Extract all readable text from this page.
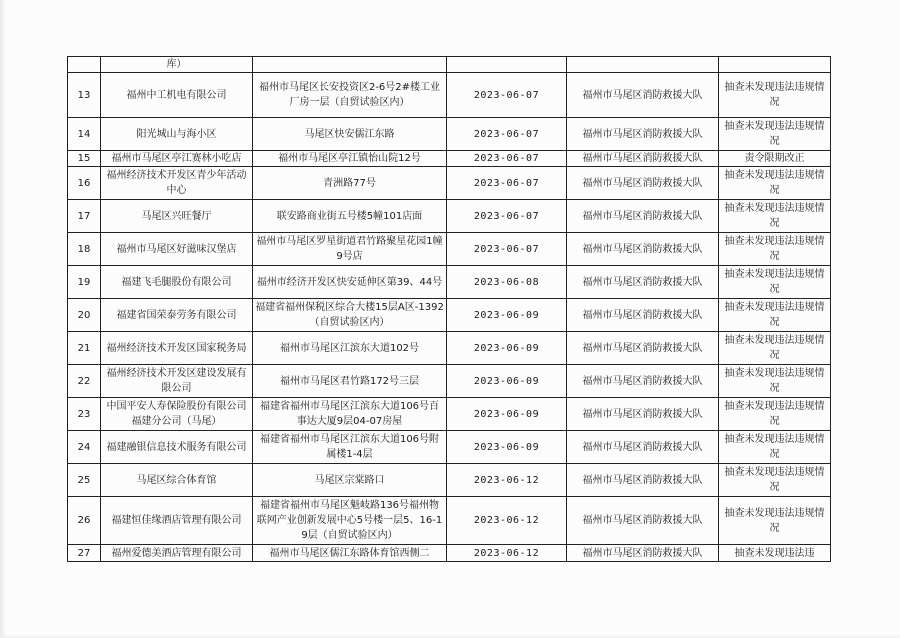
	库）				
13	福州中工机电有限公司	福州市马尾区长安投资区2-6号2#楼工业厂房一层（自贸试验区内）	2023-06-07	福州市马尾区消防救援大队	抽查未发现违法违规情况
14	阳光城山与海小区	马尾区快安儒江东路	2023-06-07	福州市马尾区消防救援大队	抽查未发现违法违规情况
15	福州市马尾区亭江赛林小吃店	福州市马尾区亭江镇怡山院12号	2023-06-07	福州市马尾区消防救援大队	责令限期改正
16	福州经济技术开发区青少年活动中心	青洲路77号	2023-06-07	福州市马尾区消防救援大队	抽查未发现违法违规情况
17	马尾区兴旺餐厅	联安路商业街五号楼5幢101店面	2023-06-07	福州市马尾区消防救援大队	抽查未发现违法违规情况
18	福州市马尾区好滋味汉堡店	福州市马尾区罗星街道君竹路聚星花园1幢9号店	2023-06-07	福州市马尾区消防救援大队	抽查未发现违法违规情况
19	福建飞毛腿股份有限公司	福州市经济开发区快安延伸区第39、44号	2023-06-08	福州市马尾区消防救援大队	抽查未发现违法违规情况
20	福建省国荣泰劳务有限公司	福建省福州保税区综合大楼15层A区-1392（自贸试验区内）	2023-06-09	福州市马尾区消防救援大队	抽查未发现违法违规情况
21	福州经济技术开发区国家税务局	福州市马尾区江滨东大道102号	2023-06-09	福州市马尾区消防救援大队	抽查未发现违法违规情况
22	福州经济技术开发区建设发展有限公司	福州市马尾区君竹路172号三层	2023-06-09	福州市马尾区消防救援大队	抽查未发现违法违规情况
23	中国平安人寿保险股份有限公司福建分公司（马尾）	福建省福州市马尾区江滨东大道106号百事达大厦9层04-07房屋	2023-06-09	福州市马尾区消防救援大队	抽查未发现违法违规情况
24	福建融银信息技术服务有限公司	福建省福州市马尾区江滨东大道106号附属楼1-4层	2023-06-09	福州市马尾区消防救援大队	抽查未发现违法违规情况
25	马尾区综合体育馆	马尾区宗棠路口	2023-06-12	福州市马尾区消防救援大队	抽查未发现违法违规情况
26	福建恒佳缘酒店管理有限公司	福建省福州市马尾区魁岐路136号福州物联网产业创新发展中心5号楼一层5、16-19层（自贸试验区内）	2023-06-12	福州市马尾区消防救援大队	抽查未发现违法违规情况
27	福州爱德美酒店管理有限公司	福州市马尾区儒江东路体育馆西侧二	2023-06-12	福州市马尾区消防救援大队	抽查未发现违法违
